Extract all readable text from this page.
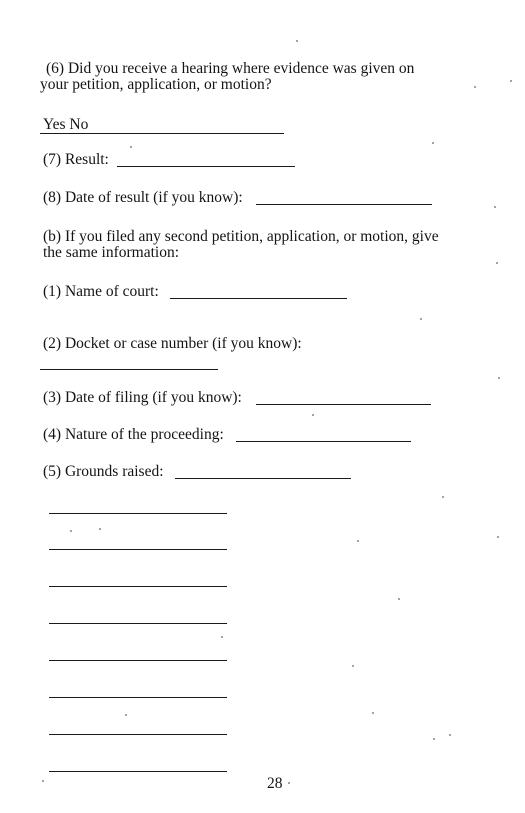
(6) Did you receive a hearing where evidence was given on
your petition, application, or motion?
Yes No
(7) Result:
(8) Date of result (if you know):
(b) If you filed any second petition, application, or motion, give
the same information:
(1) Name of court:
(2) Docket or case number (if you know):
(3) Date of filing (if you know):
(4) Nature of the proceeding:
(5) Grounds raised:
28
